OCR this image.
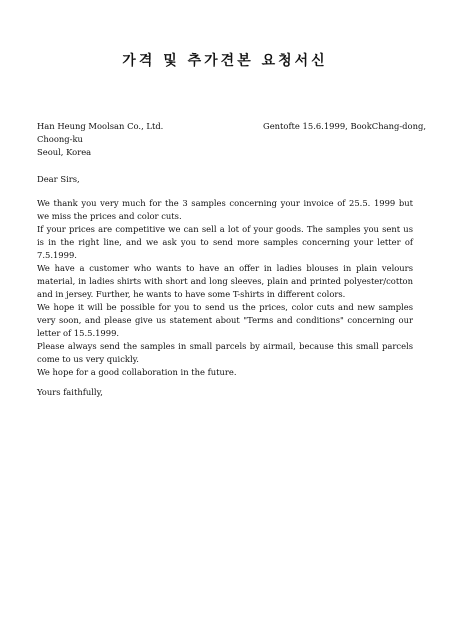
가격 및 추가견본 요청서신
Han Heung Moolsan Co., Ltd.	Gentofte 15.6.1999, BookChang-dong,
Choong-ku
Seoul, Korea
Dear Sirs,

We thank you very much for the 3 samples concerning your invoice of 25.5. 1999 but we miss the prices and color cuts.

If your prices are competitive we can sell a lot of your goods. The samples you sent us is in the right line, and we ask you to send more samples concerning your letter of 7.5.1999.

We have a customer who wants to have an offer in ladies blouses in plain velours material, in ladies shirts with short and long sleeves, plain and printed polyester/cotton and in jersey. Further, he wants to have some T-shirts in different colors.

We hope it will be possible for you to send us the prices, color cuts and new samples very soon, and please give us statement about "Terms and conditions" concerning our letter of 15.5.1999.

Please always send the samples in small parcels by airmail, because this small parcels come to us very quickly.

We hope for a good collaboration in the future.

Yours faithfully,
